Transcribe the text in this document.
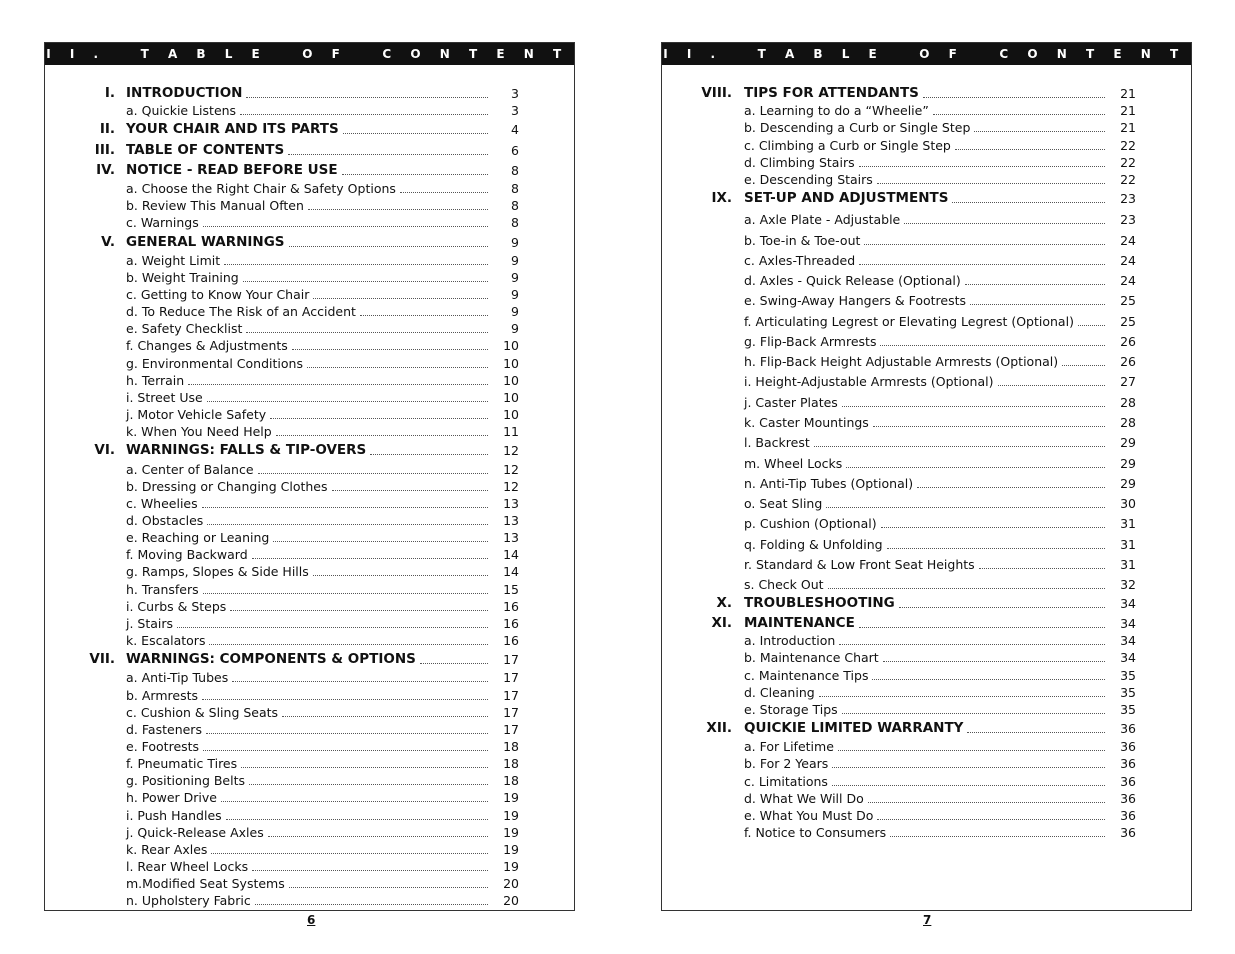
I I I .   T A B L E   O F   C O N T E N T S
I. INTRODUCTION	3
a. Quickie Listens	3
II. YOUR CHAIR AND ITS PARTS	4
III. TABLE OF CONTENTS	6
IV. NOTICE - READ BEFORE USE	8
a. Choose the Right Chair & Safety Options	8
b. Review This Manual Often	8
c. Warnings	8
V. GENERAL WARNINGS	9
a. Weight Limit	9
b. Weight Training	9
c. Getting to Know Your Chair	9
d. To Reduce The Risk of an Accident	9
e. Safety Checklist	9
f. Changes & Adjustments	10
g. Environmental Conditions	10
h. Terrain	10
i. Street Use	10
j. Motor Vehicle Safety	10
k. When You Need Help	11
VI. WARNINGS: FALLS & TIP-OVERS	12
a. Center of Balance	12
b. Dressing or Changing Clothes	12
c. Wheelies	13
d. Obstacles	13
e. Reaching or Leaning	13
f. Moving Backward	14
g. Ramps, Slopes & Side Hills	14
h. Transfers	15
i. Curbs & Steps	16
j. Stairs	16
k. Escalators	16
VII. WARNINGS: COMPONENTS & OPTIONS	17
a. Anti-Tip Tubes	17
b. Armrests	17
c. Cushion & Sling Seats	17
d. Fasteners	17
e. Footrests	18
f. Pneumatic Tires	18
g. Positioning Belts	18
h. Power Drive	19
i. Push Handles	19
j. Quick-Release Axles	19
k. Rear Axles	19
l. Rear Wheel Locks	19
m.Modified Seat Systems	20
n. Upholstery Fabric	20
6
I I I .   T A B L E   O F   C O N T E N T S
VIII. TIPS FOR ATTENDANTS	21
a. Learning to do a “Wheelie”	21
b. Descending a Curb or Single Step	21
c. Climbing a Curb or Single Step	22
d. Climbing Stairs	22
e. Descending Stairs	22
IX. SET-UP AND ADJUSTMENTS	23
a. Axle Plate - Adjustable	23
b. Toe-in & Toe-out	24
c. Axles-Threaded	24
d. Axles - Quick Release (Optional)	24
e. Swing-Away Hangers & Footrests	25
f. Articulating Legrest or Elevating Legrest (Optional)	25
g. Flip-Back Armrests	26
h. Flip-Back Height Adjustable Armrests (Optional)	26
i. Height-Adjustable Armrests (Optional)	27
j. Caster Plates	28
k. Caster Mountings	28
l. Backrest	29
m. Wheel Locks	29
n. Anti-Tip Tubes (Optional)	29
o. Seat Sling	30
p. Cushion (Optional)	31
q. Folding & Unfolding	31
r. Standard & Low Front Seat Heights	31
s. Check Out	32
X. TROUBLESHOOTING	34
XI. MAINTENANCE	34
a. Introduction	34
b. Maintenance Chart	34
c. Maintenance Tips	35
d. Cleaning	35
e. Storage Tips	35
XII. QUICKIE LIMITED WARRANTY	36
a. For Lifetime	36
b. For 2 Years	36
c. Limitations	36
d. What We Will Do	36
e. What You Must Do	36
f. Notice to Consumers	36
7
